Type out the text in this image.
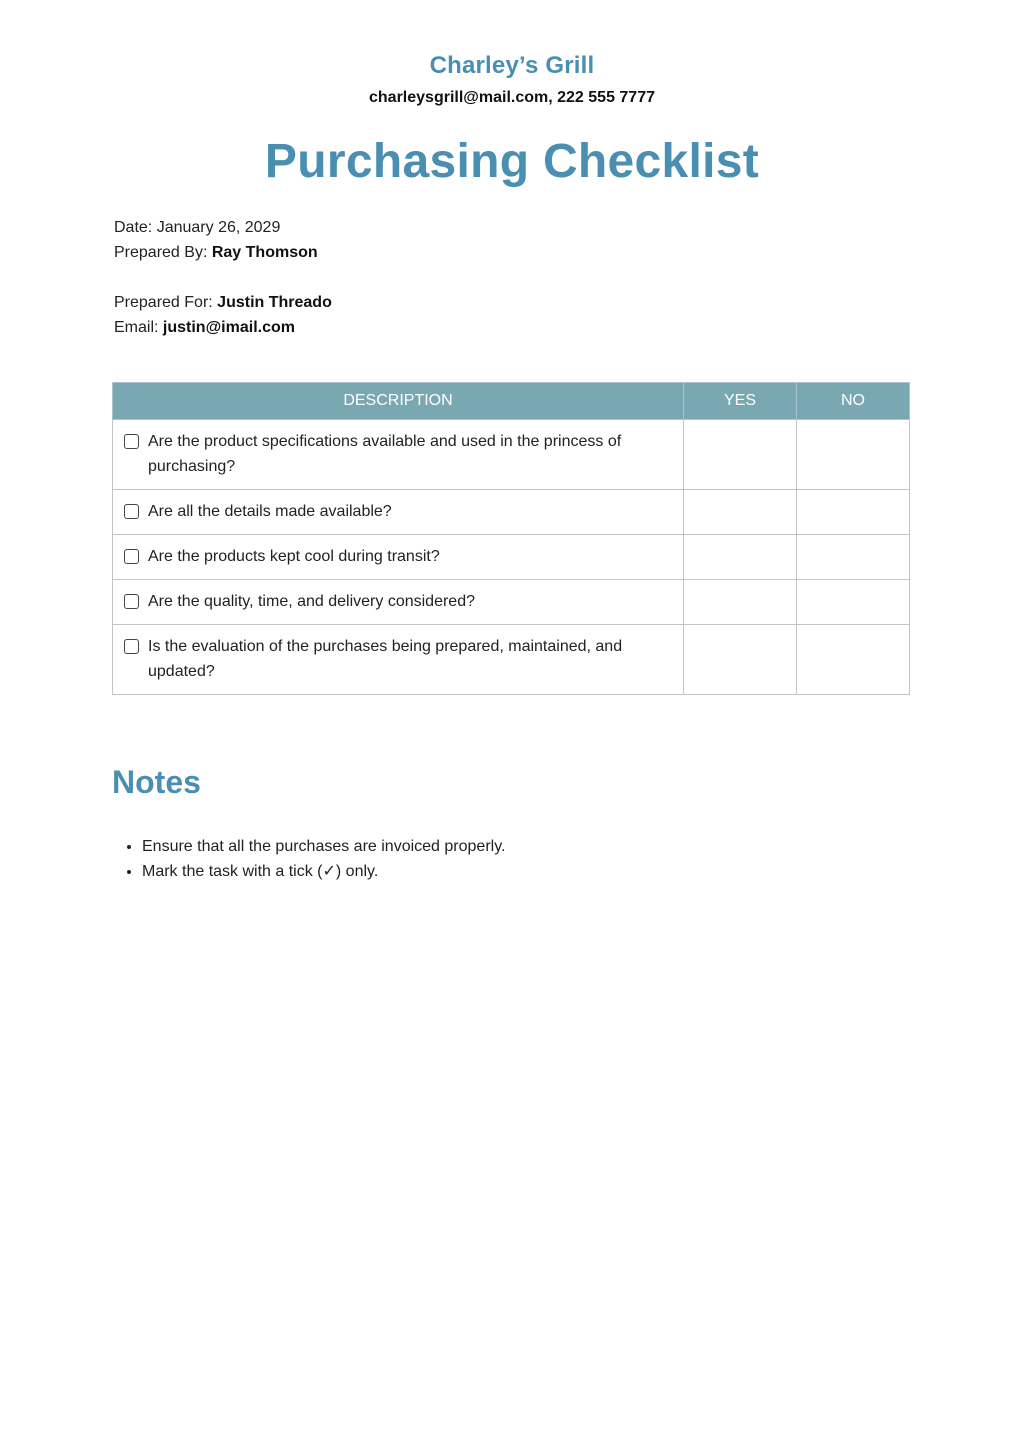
Charley’s Grill
charleysgrill@mail.com, 222 555 7777
Purchasing Checklist
Date: January 26, 2029
Prepared By: Ray Thomson
Prepared For: Justin Threado
Email: justin@imail.com
DESCRIPTION	YES	NO

Are the product specifications available and used in the princess of purchasing?		

Are all the details made available?		

Are the products kept cool during transit?		

Are the quality, time, and delivery considered?		

Is the evaluation of the purchases being prepared, maintained, and updated?		

Notes
• Ensure that all the purchases are invoiced properly.
• Mark the task with a tick (✓) only.
